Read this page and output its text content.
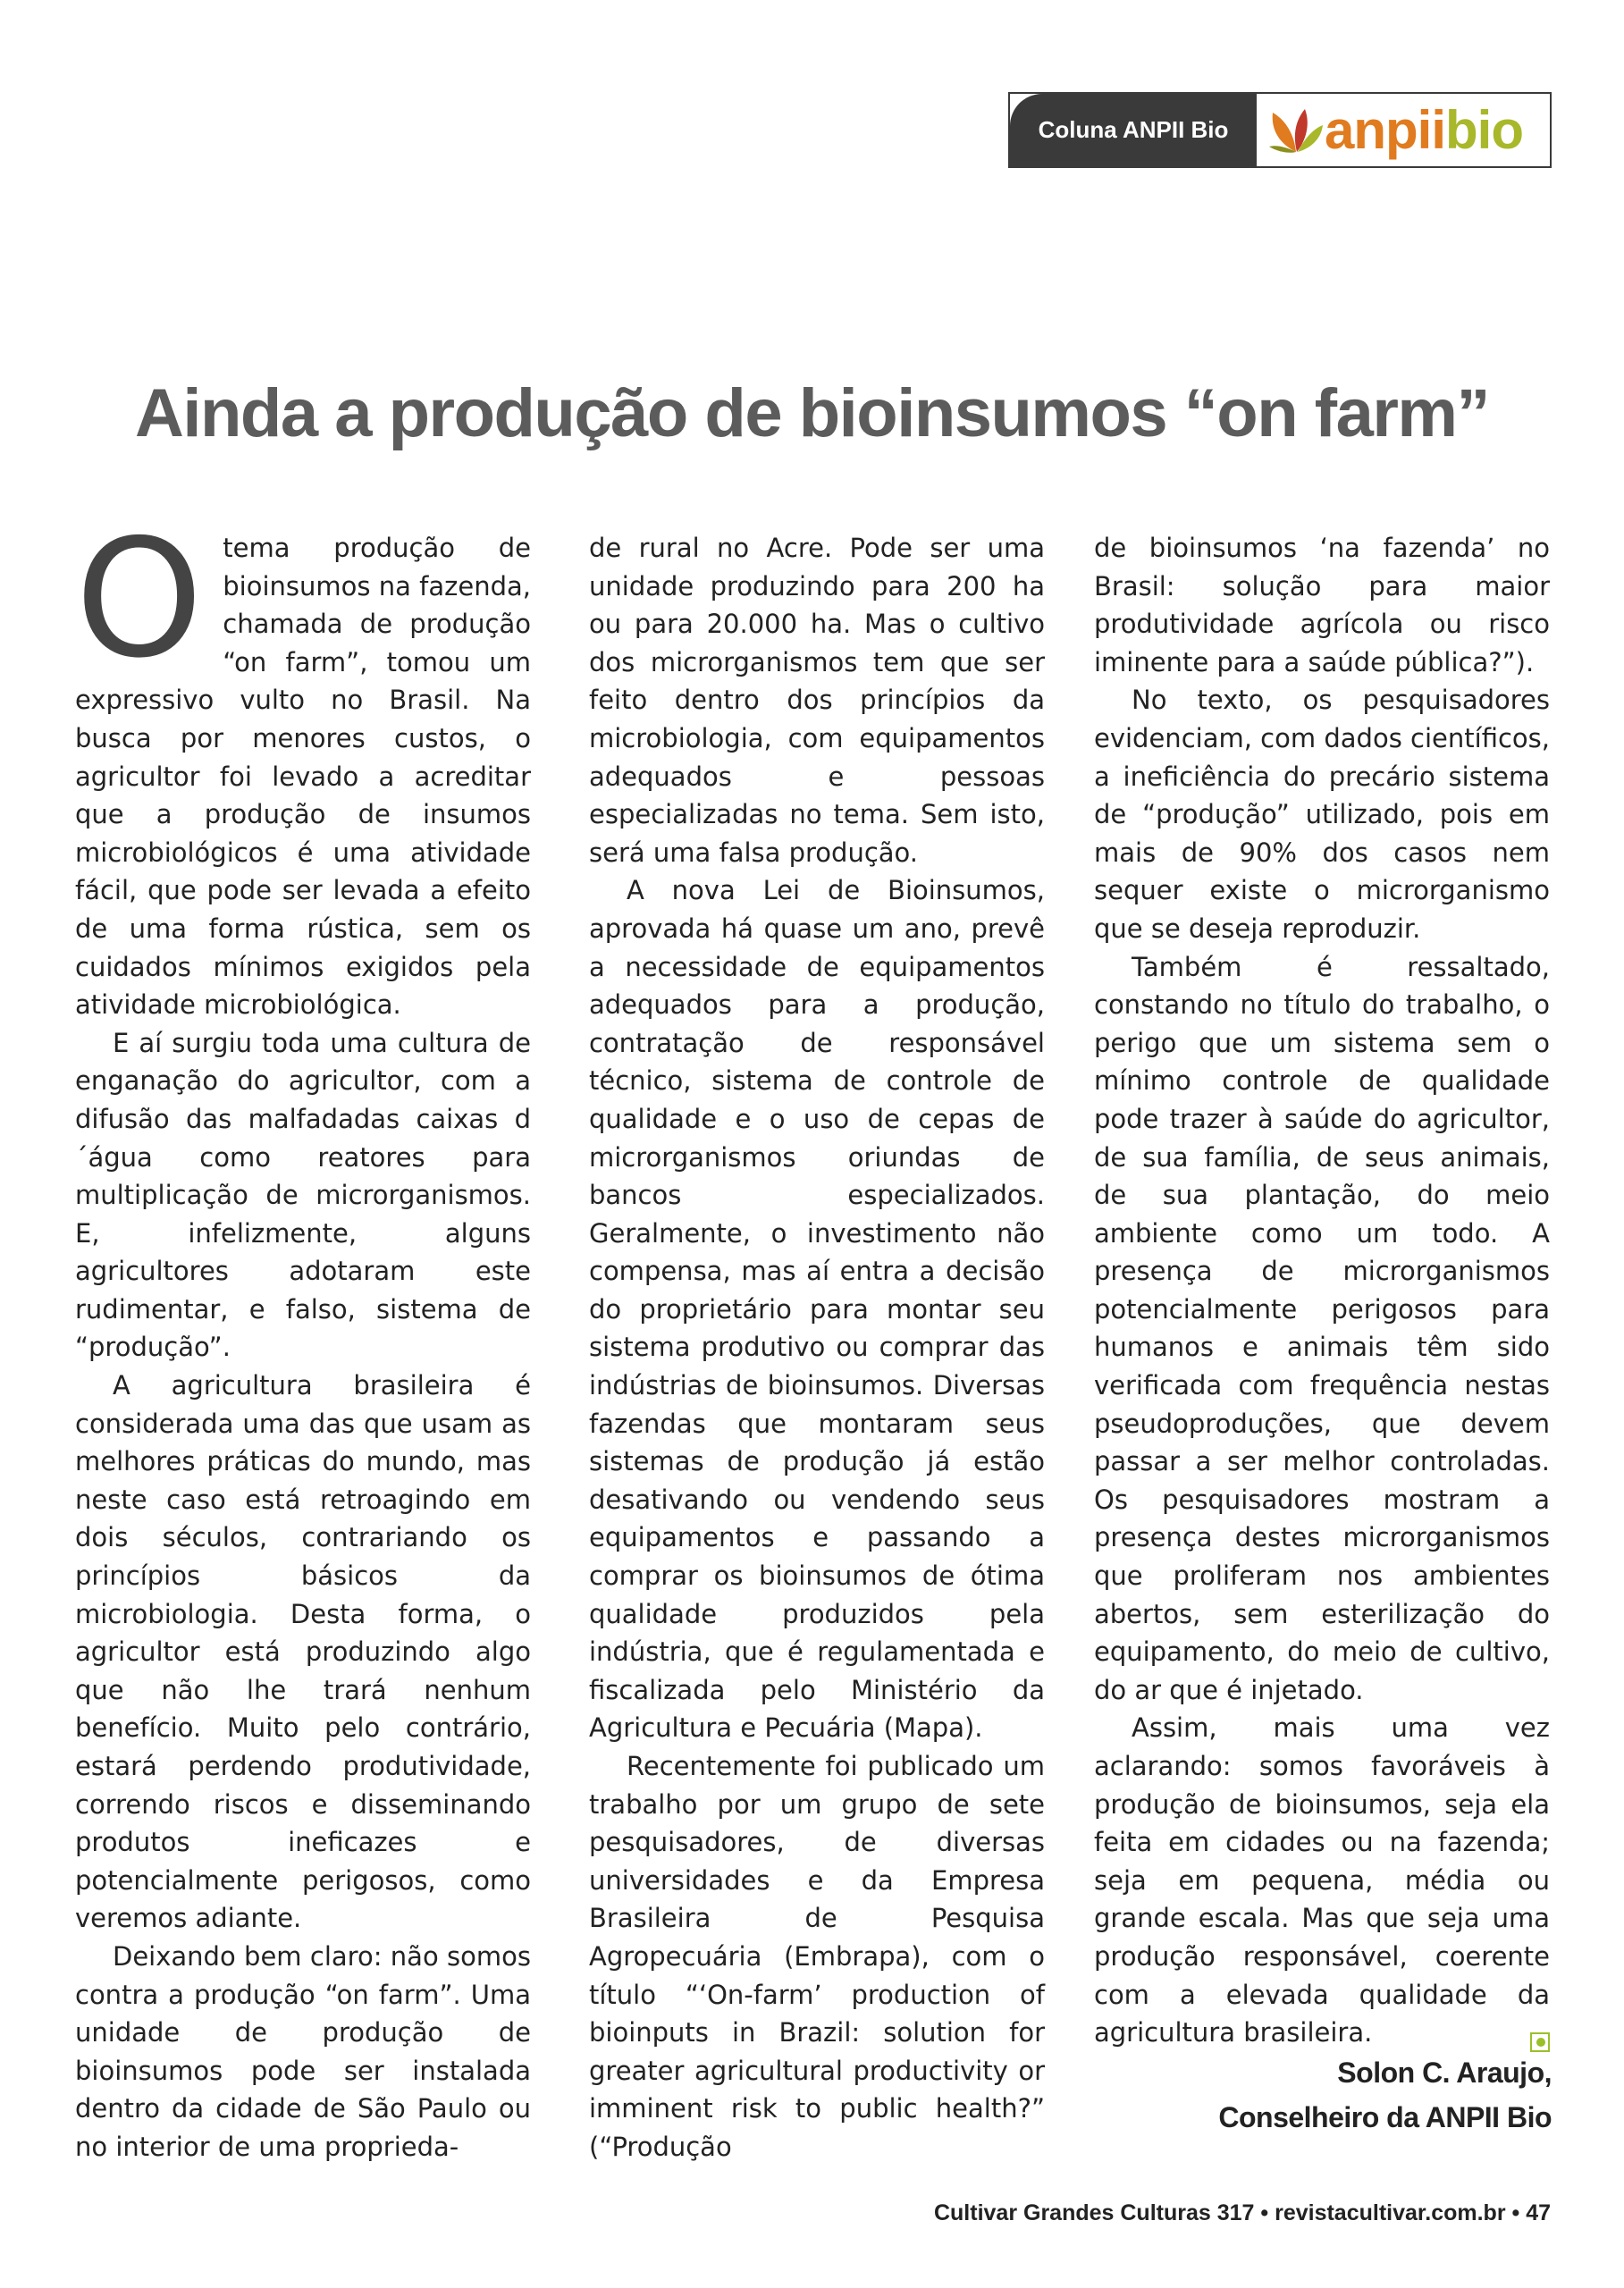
Coluna ANPII Bio	anpii bio
Ainda a produção de bioinsumos “on farm”
O tema produção de bioinsumos na fazenda, chamada de produção “on farm”, tomou um expressivo vulto no Brasil. Na busca por menores custos, o agricultor foi levado a acreditar que a produção de insumos microbiológicos é uma atividade fácil, que pode ser levada a efeito de uma forma rústica, sem os cuidados mínimos exigidos pela atividade microbiológica.

E aí surgiu toda uma cultura de enganação do agricultor, com a difusão das malfadadas caixas d´água como reatores para multiplicação de microrganismos. E, infelizmente, alguns agricultores adotaram este rudimentar, e falso, sistema de “produção”.

A agricultura brasileira é considerada uma das que usam as melhores práticas do mundo, mas neste caso está retroagindo em dois séculos, contrariando os princípios básicos da microbiologia. Desta forma, o agricultor está produzindo algo que não lhe trará nenhum benefício. Muito pelo contrário, estará perdendo produtividade, correndo riscos e disseminando produtos ineficazes e potencialmente perigosos, como veremos adiante.

Deixando bem claro: não somos contra a produção “on farm”. Uma unidade de produção de bioinsumos pode ser instalada dentro da cidade de São Paulo ou no interior de uma proprieda-

de rural no Acre. Pode ser uma unidade produzindo para 200 ha ou para 20.000 ha. Mas o cultivo dos microrganismos tem que ser feito dentro dos princípios da microbiologia, com equipamentos adequados e pessoas especializadas no tema. Sem isto, será uma falsa produção.

A nova Lei de Bioinsumos, aprovada há quase um ano, prevê a necessidade de equipamentos adequados para a produção, contratação de responsável técnico, sistema de controle de qualidade e o uso de cepas de microrganismos oriundas de bancos especializados. Geralmente, o investimento não compensa, mas aí entra a decisão do proprietário para montar seu sistema produtivo ou comprar das indústrias de bioinsumos. Diversas fazendas que montaram seus sistemas de produção já estão desativando ou vendendo seus equipamentos e passando a comprar os bioinsumos de ótima qualidade produzidos pela indústria, que é regulamentada e fiscalizada pelo Ministério da Agricultura e Pecuária (Mapa).

Recentemente foi publicado um trabalho por um grupo de sete pesquisadores, de diversas universidades e da Empresa Brasileira de Pesquisa Agropecuária (Embrapa), com o título “‘On-farm’ production of bioinputs in Brazil: solution for greater agricultural productivity or imminent risk to public health?” (“Produção

de bioinsumos ‘na fazenda’ no Brasil: solução para maior produtividade agrícola ou risco iminente para a saúde pública?”).

No texto, os pesquisadores evidenciam, com dados científicos, a ineficiência do precário sistema de “produção” utilizado, pois em mais de 90% dos casos nem sequer existe o microrganismo que se deseja reproduzir.

Também é ressaltado, constando no título do trabalho, o perigo que um sistema sem o mínimo controle de qualidade pode trazer à saúde do agricultor, de sua família, de seus animais, de sua plantação, do meio ambiente como um todo. A presença de microrganismos potencialmente perigosos para humanos e animais têm sido verificada com frequência nestas pseudoproduções, que devem passar a ser melhor controladas. Os pesquisadores mostram a presença destes microrganismos que proliferam nos ambientes abertos, sem esterilização do equipamento, do meio de cultivo, do ar que é injetado.

Assim, mais uma vez aclarando: somos favoráveis à produção de bioinsumos, seja ela feita em cidades ou na fazenda; seja em pequena, média ou grande escala. Mas que seja uma produção responsável, coerente com a elevada qualidade da agricultura brasileira.

Solon C. Araujo,
Conselheiro da ANPII Bio
Cultivar Grandes Culturas 317 • revistacultivar.com.br • 47
